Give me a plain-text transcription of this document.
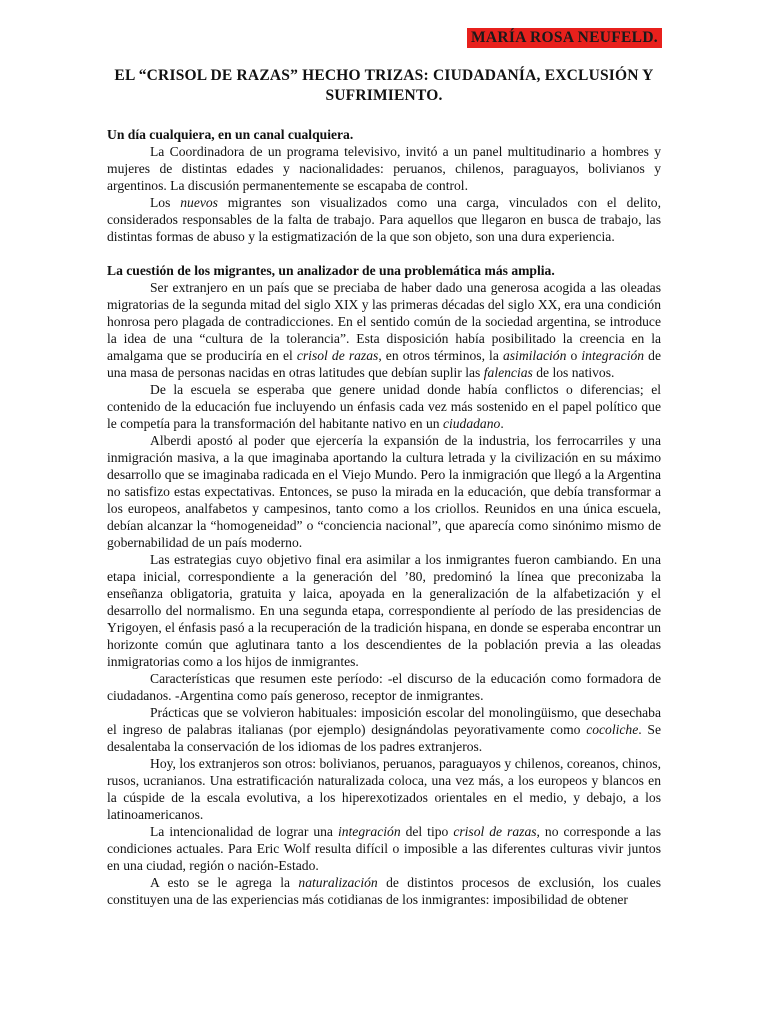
MARÍA ROSA NEUFELD.
EL “CRISOL DE RAZAS” HECHO TRIZAS: CIUDADANÍA, EXCLUSIÓN Y SUFRIMIENTO.
Un día cualquiera, en un canal cualquiera.

La Coordinadora de un programa televisivo, invitó a un panel multitudinario a hombres y mujeres de distintas edades y nacionalidades: peruanos, chilenos, paraguayos, bolivianos y argentinos. La discusión permanentemente se escapaba de control.

Los nuevos migrantes son visualizados como una carga, vinculados con el delito, considerados responsables de la falta de trabajo. Para aquellos que llegaron en busca de trabajo, las distintas formas de abuso y la estigmatización de la que son objeto, son una dura experiencia.

La cuestión de los migrantes, un analizador de una problemática más amplia.

Ser extranjero en un país que se preciaba de haber dado una generosa acogida a las oleadas migratorias de la segunda mitad del siglo XIX y las primeras décadas del siglo XX, era una condición honrosa pero plagada de contradicciones. En el sentido común de la sociedad argentina, se introduce la idea de una “cultura de la tolerancia”. Esta disposición había posibilitado la creencia en la amalgama que se produciría en el crisol de razas, en otros términos, la asimilación o integración de una masa de personas nacidas en otras latitudes que debían suplir las falencias de los nativos.

De la escuela se esperaba que genere unidad donde había conflictos o diferencias; el contenido de la educación fue incluyendo un énfasis cada vez más sostenido en el papel político que le competía para la transformación del habitante nativo en un ciudadano.

Alberdi apostó al poder que ejercería la expansión de la industria, los ferrocarriles y una inmigración masiva, a la que imaginaba aportando la cultura letrada y la civilización en su máximo desarrollo que se imaginaba radicada en el Viejo Mundo. Pero la inmigración que llegó a la Argentina no satisfizo estas expectativas. Entonces, se puso la mirada en la educación, que debía transformar a los europeos, analfabetos y campesinos, tanto como a los criollos. Reunidos en una única escuela, debían alcanzar la “homogeneidad” o “conciencia nacional”, que aparecía como sinónimo mismo de gobernabilidad de un país moderno.

Las estrategias cuyo objetivo final era asimilar a los inmigrantes fueron cambiando. En una etapa inicial, correspondiente a la generación del ’80, predominó la línea que preconizaba la enseñanza obligatoria, gratuita y laica, apoyada en la generalización de la alfabetización y el desarrollo del normalismo. En una segunda etapa, correspondiente al período de las presidencias de Yrigoyen, el énfasis pasó a la recuperación de la tradición hispana, en donde se esperaba encontrar un horizonte común que aglutinara tanto a los descendientes de la población previa a las oleadas inmigratorias como a los hijos de inmigrantes.

Características que resumen este período: -el discurso de la educación como formadora de ciudadanos. -Argentina como país generoso, receptor de inmigrantes.

Prácticas que se volvieron habituales: imposición escolar del monolingüismo, que desechaba el ingreso de palabras italianas (por ejemplo) designándolas peyorativamente como cocoliche. Se desalentaba la conservación de los idiomas de los padres extranjeros.

Hoy, los extranjeros son otros: bolivianos, peruanos, paraguayos y chilenos, coreanos, chinos, rusos, ucranianos. Una estratificación naturalizada coloca, una vez más, a los europeos y blancos en la cúspide de la escala evolutiva, a los hiperexotizados orientales en el medio, y debajo, a los latinoamericanos.

La intencionalidad de lograr una integración del tipo crisol de razas, no corresponde a las condiciones actuales. Para Eric Wolf resulta difícil o imposible a las diferentes culturas vivir juntos en una ciudad, región o nación-Estado.

A esto se le agrega la naturalización de distintos procesos de exclusión, los cuales constituyen una de las experiencias más cotidianas de los inmigrantes: imposibilidad de obtener
